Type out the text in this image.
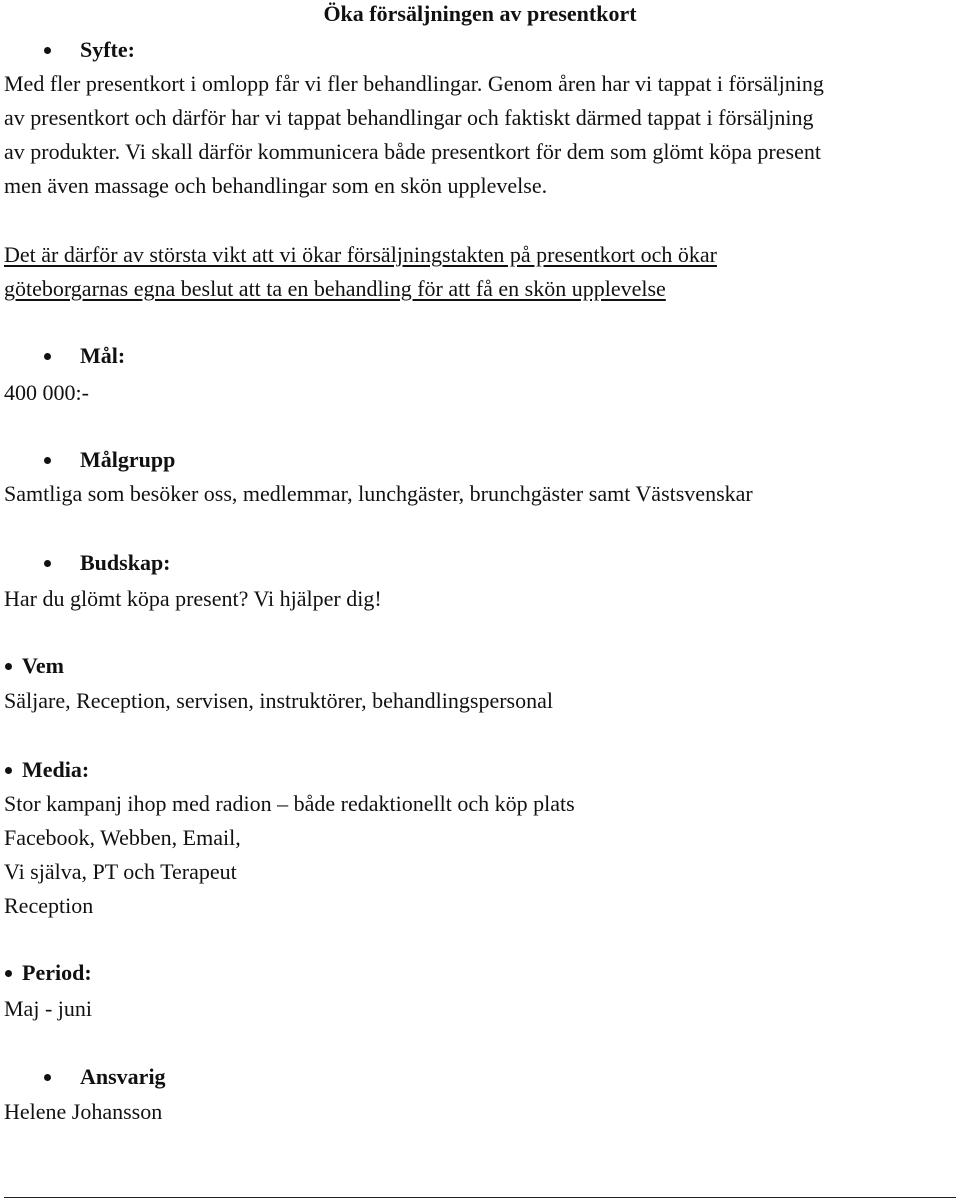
Öka försäljningen av presentkort
Syfte:
Med fler presentkort i omlopp får vi fler behandlingar. Genom åren har vi tappat i försäljning
av presentkort och därför har vi tappat behandlingar och faktiskt därmed tappat i försäljning
av produkter. Vi skall därför kommunicera både presentkort för dem som glömt köpa present
men även massage och behandlingar som en skön upplevelse.
Det är därför av största vikt att vi ökar försäljningstakten på presentkort och ökar
göteborgarnas egna beslut att ta en behandling för att få en skön upplevelse
Mål:
400 000:-
Målgrupp
Samtliga som besöker oss, medlemmar, lunchgäster, brunchgäster samt Västsvenskar
Budskap:
Har du glömt köpa present? Vi hjälper dig!
Vem
Säljare, Reception, servisen, instruktörer, behandlingspersonal
Media:
Stor kampanj ihop med radion – både redaktionellt och köp plats
Facebook, Webben, Email,
Vi själva, PT och Terapeut
Reception
Period:
Maj - juni
Ansvarig
Helene Johansson
